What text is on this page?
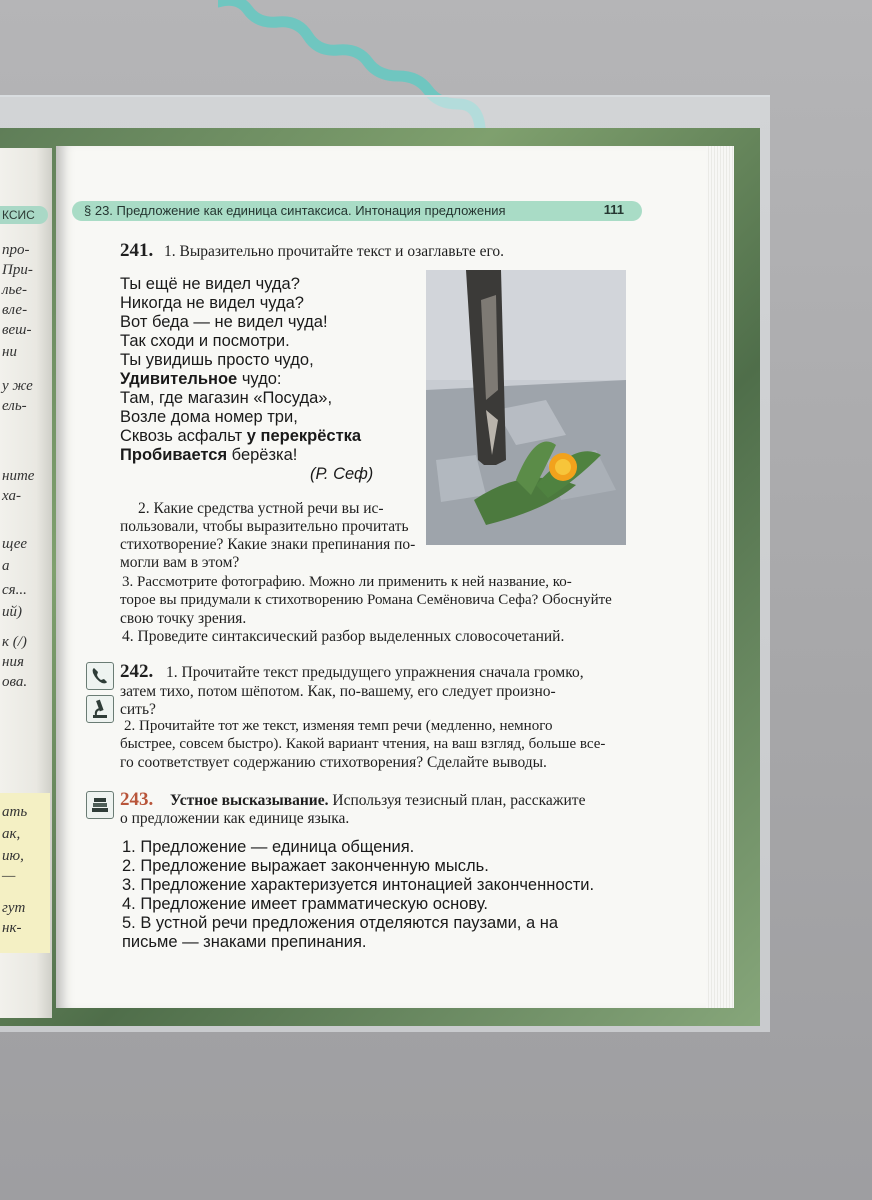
КСИС
про-
При-
лье-
вле-
веш-
ни
у же
ель-
ните
ха-
щее
а
ся...
ий)
к (/)
ния
ова.
ать
ак,
ию,
—
гут
нк-
§ 23. Предложение как единица синтаксиса. Интонация предложения	111
241. 1. Выразительно прочитайте текст и озаглавьте его.
Ты ещё не видел чуда?
Никогда не видел чуда?
Вот беда — не видел чуда!
Так сходи и посмотри.
Ты увидишь просто чудо,
Удивительное чудо:
Там, где магазин «Посуда»,
Возле дома номер три,
Сквозь асфальт у перекрёстка
Пробивается берёзка!
(Р. Сеф)
2. Какие средства устной речи вы ис-
пользовали, чтобы выразительно прочитать
стихотворение? Какие знаки препинания по-
могли вам в этом?
3. Рассмотрите фотографию. Можно ли применить к ней название, ко-
торое вы придумали к стихотворению Романа Семёновича Сефа? Обоснуйте
свою точку зрения.
4. Проведите синтаксический разбор выделенных словосочетаний.
242. 1. Прочитайте текст предыдущего упражнения сначала громко,
затем тихо, потом шёпотом. Как, по-вашему, его следует произно-
сить?
2. Прочитайте тот же текст, изменяя темп речи (медленно, немного
быстрее, совсем быстро). Какой вариант чтения, на ваш взгляд, больше все-
го соответствует содержанию стихотворения? Сделайте выводы.
243. Устное высказывание. Используя тезисный план, расскажите
о предложении как единице языка.
1. Предложение — единица общения.
2. Предложение выражает законченную мысль.
3. Предложение характеризуется интонацией законченности.
4. Предложение имеет грамматическую основу.
5. В устной речи предложения отделяются паузами, а на
письме — знаками препинания.
